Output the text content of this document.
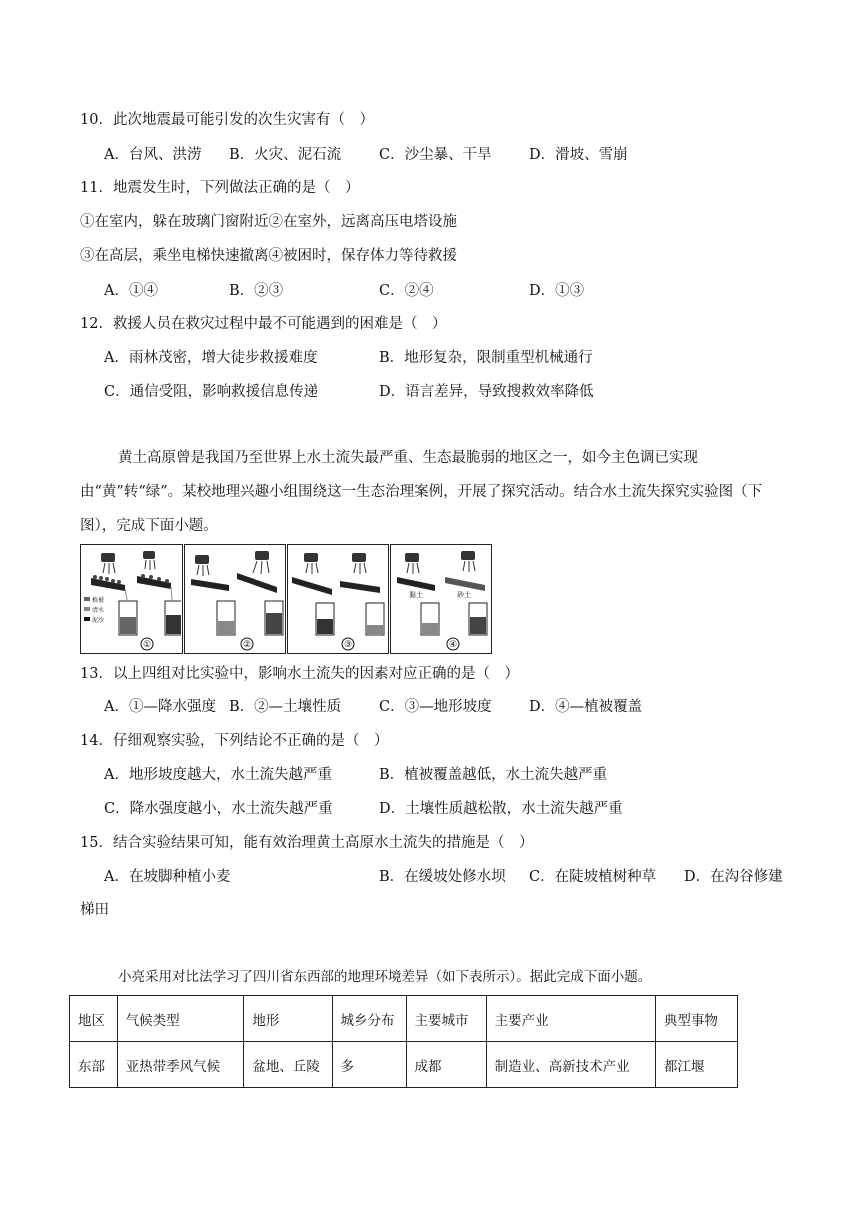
10．此次地震最可能引发的次生灾害有（　）
A．台风、洪涝 B．火灾、泥石流	C．沙尘暴、干旱	D．滑坡、雪崩
11．地震发生时，下列做法正确的是（　）
①在室内，躲在玻璃门窗附近②在室外，远离高压电塔设施
③在高层，乘坐电梯快速撤离④被困时，保存体力等待救援
A．①④	B．②③	C．②④	D．①③
12．救援人员在救灾过程中最不可能遇到的困难是（　）
A．雨林茂密，增大徒步救援难度	B．地形复杂，限制重型机械通行
C．通信受阻，影响救援信息传递	D．语言差异，导致搜救效率降低
黄土高原曾是我国乃至世界上水土流失最严重、生态最脆弱的地区之一，如今主色调已实现由“黄”转“绿”。某校地理兴趣小组围绕这一生态治理案例，开展了探究活动。结合水土流失探究实验图（下图），完成下面小题。
植被
清水
泥沙
①	②	③
黏土	砂土
④
13．以上四组对比实验中，影响水土流失的因素对应正确的是（　）
A．①—降水强度 B．②—土壤性质	C．③—地形坡度	D．④—植被覆盖
14．仔细观察实验，下列结论不正确的是（　）
A．地形坡度越大，水土流失越严重	B．植被覆盖越低，水土流失越严重
C．降水强度越小，水土流失越严重	D．土壤性质越松散，水土流失越严重
15．结合实验结果可知，能有效治理黄土高原水土流失的措施是（　）
A．在坡脚种植小麦	B．在缓坡处修水坝 C．在陡坡植树种草 D．在沟谷修建
梯田
小亮采用对比法学习了四川省东西部的地理环境差异（如下表所示）。据此完成下面小题。
地区	气候类型	地形	城乡分布	主要城市	主要产业	典型事物
东部	亚热带季风气候	盆地、丘陵	多	成都	制造业、高新技术产业	都江堰
